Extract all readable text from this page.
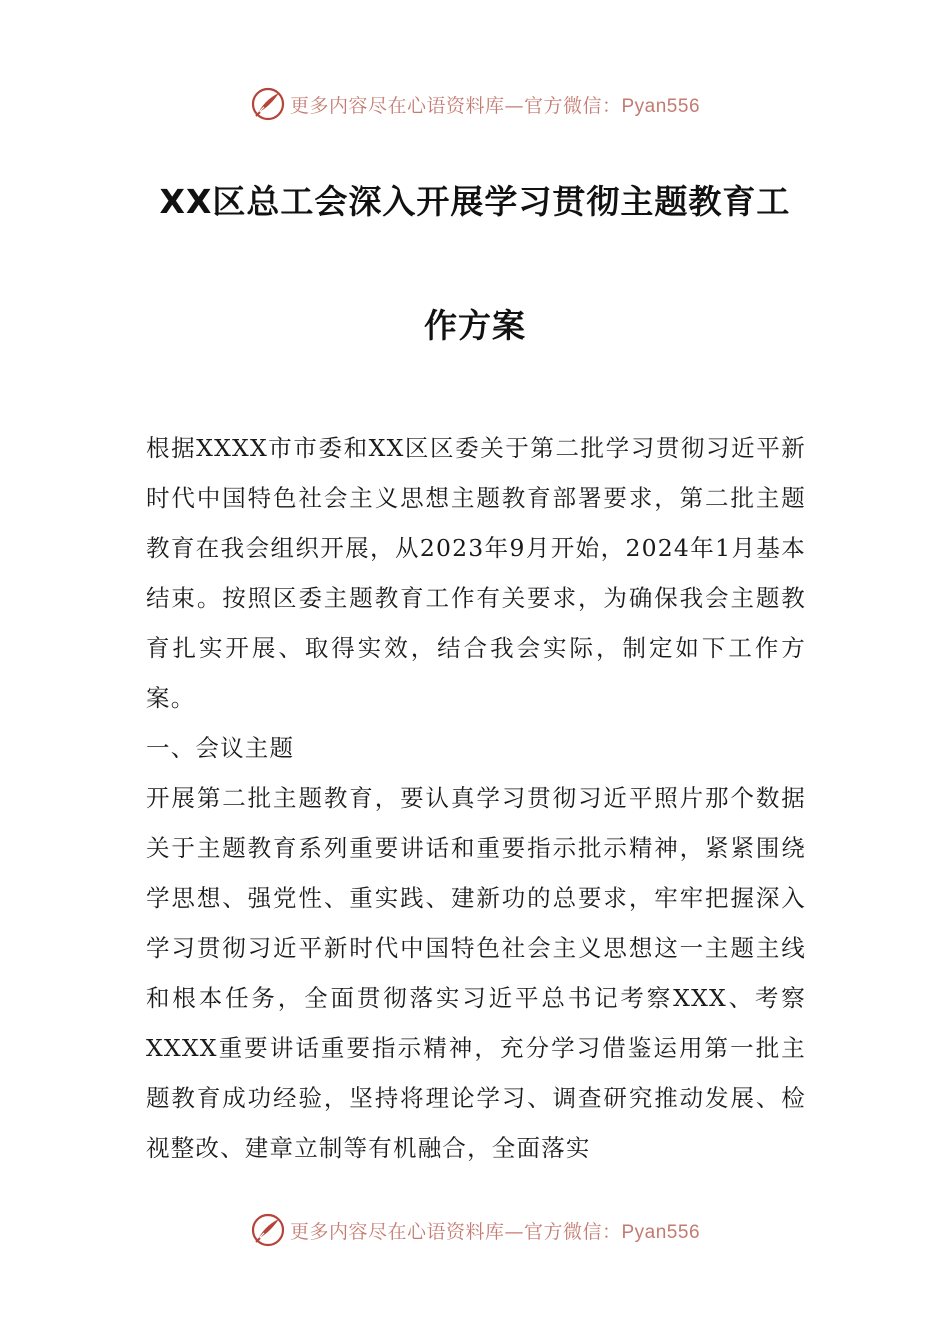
更多内容尽在心语资料库—官方微信：Pyan556
XX区总工会深入开展学习贯彻主题教育工
作方案
根据XXXX市市委和XX区区委关于第二批学习贯彻习近平新时代中国特色社会主义思想主题教育部署要求，第二批主题教育在我会组织开展，从2023年9月开始，2024年1月基本结束。按照区委主题教育工作有关要求，为确保我会主题教育扎实开展、取得实效，结合我会实际，制定如下工作方案。
一、会议主题
开展第二批主题教育，要认真学习贯彻习近平照片那个数据关于主题教育系列重要讲话和重要指示批示精神，紧紧围绕学思想、强党性、重实践、建新功的总要求，牢牢把握深入学习贯彻习近平新时代中国特色社会主义思想这一主题主线和根本任务，全面贯彻落实习近平总书记考察XXX、考察XXXX重要讲话重要指示精神，充分学习借鉴运用第一批主题教育成功经验，坚持将理论学习、调查研究推动发展、检视整改、建章立制等有机融合，全面落实
更多内容尽在心语资料库—官方微信：Pyan556
